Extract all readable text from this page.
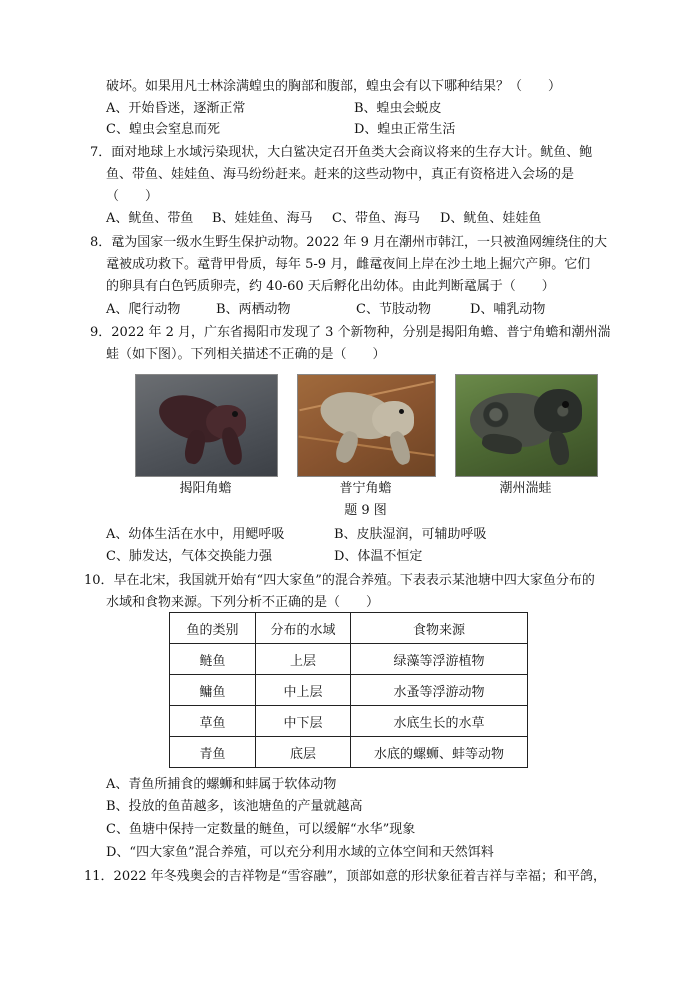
破坏。如果用凡士林涂满蝗虫的胸部和腹部，蝗虫会有以下哪种结果？（　　）
A、开始昏迷，逐渐正常	B、蝗虫会蜕皮
C、蝗虫会窒息而死	D、蝗虫正常生活
7．面对地球上水域污染现状，大白鲨决定召开鱼类大会商议将来的生存大计。鱿鱼、鲍
鱼、带鱼、娃娃鱼、海马纷纷赶来。赶来的这些动物中，真正有资格进入会场的是
（　　）
A、鱿鱼、带鱼 B、娃娃鱼、海马 C、带鱼、海马 D、鱿鱼、娃娃鱼
8．鼋为国家一级水生野生保护动物。2022 年 9 月在潮州市韩江，一只被渔网缠绕住的大
鼋被成功救下。鼋背甲骨质，每年 5-9 月，雌鼋夜间上岸在沙土地上掘穴产卵。它们
的卵具有白色钙质卵壳，约 40-60 天后孵化出幼体。由此判断鼋属于（　　）
A、爬行动物	B、两栖动物	C、节肢动物	D、哺乳动物
9．2022 年 2 月，广东省揭阳市发现了 3 个新物种，分别是揭阳角蟾、普宁角蟾和潮州湍
蛙（如下图）。下列相关描述不正确的是（　　）
揭阳角蟾	普宁角蟾	潮州湍蛙
题 9 图
A、幼体生活在水中，用鳃呼吸	B、皮肤湿润，可辅助呼吸
C、肺发达，气体交换能力强	D、体温不恒定
10．早在北宋，我国就开始有“四大家鱼”的混合养殖。下表表示某池塘中四大家鱼分布的
水域和食物来源。下列分析不正确的是（　　）
鱼的类别	分布的水域	食物来源
鲢鱼	上层	绿藻等浮游植物
鳙鱼	中上层	水蚤等浮游动物
草鱼	中下层	水底生长的水草
青鱼	底层	水底的螺蛳、蚌等动物
A、青鱼所捕食的螺蛳和蚌属于软体动物
B、投放的鱼苗越多，该池塘鱼的产量就越高
C、鱼塘中保持一定数量的鲢鱼，可以缓解“水华”现象
D、“四大家鱼”混合养殖，可以充分利用水域的立体空间和天然饵料
11．2022 年冬残奥会的吉祥物是“雪容融”，顶部如意的形状象征着吉祥与幸福；和平鸽，
